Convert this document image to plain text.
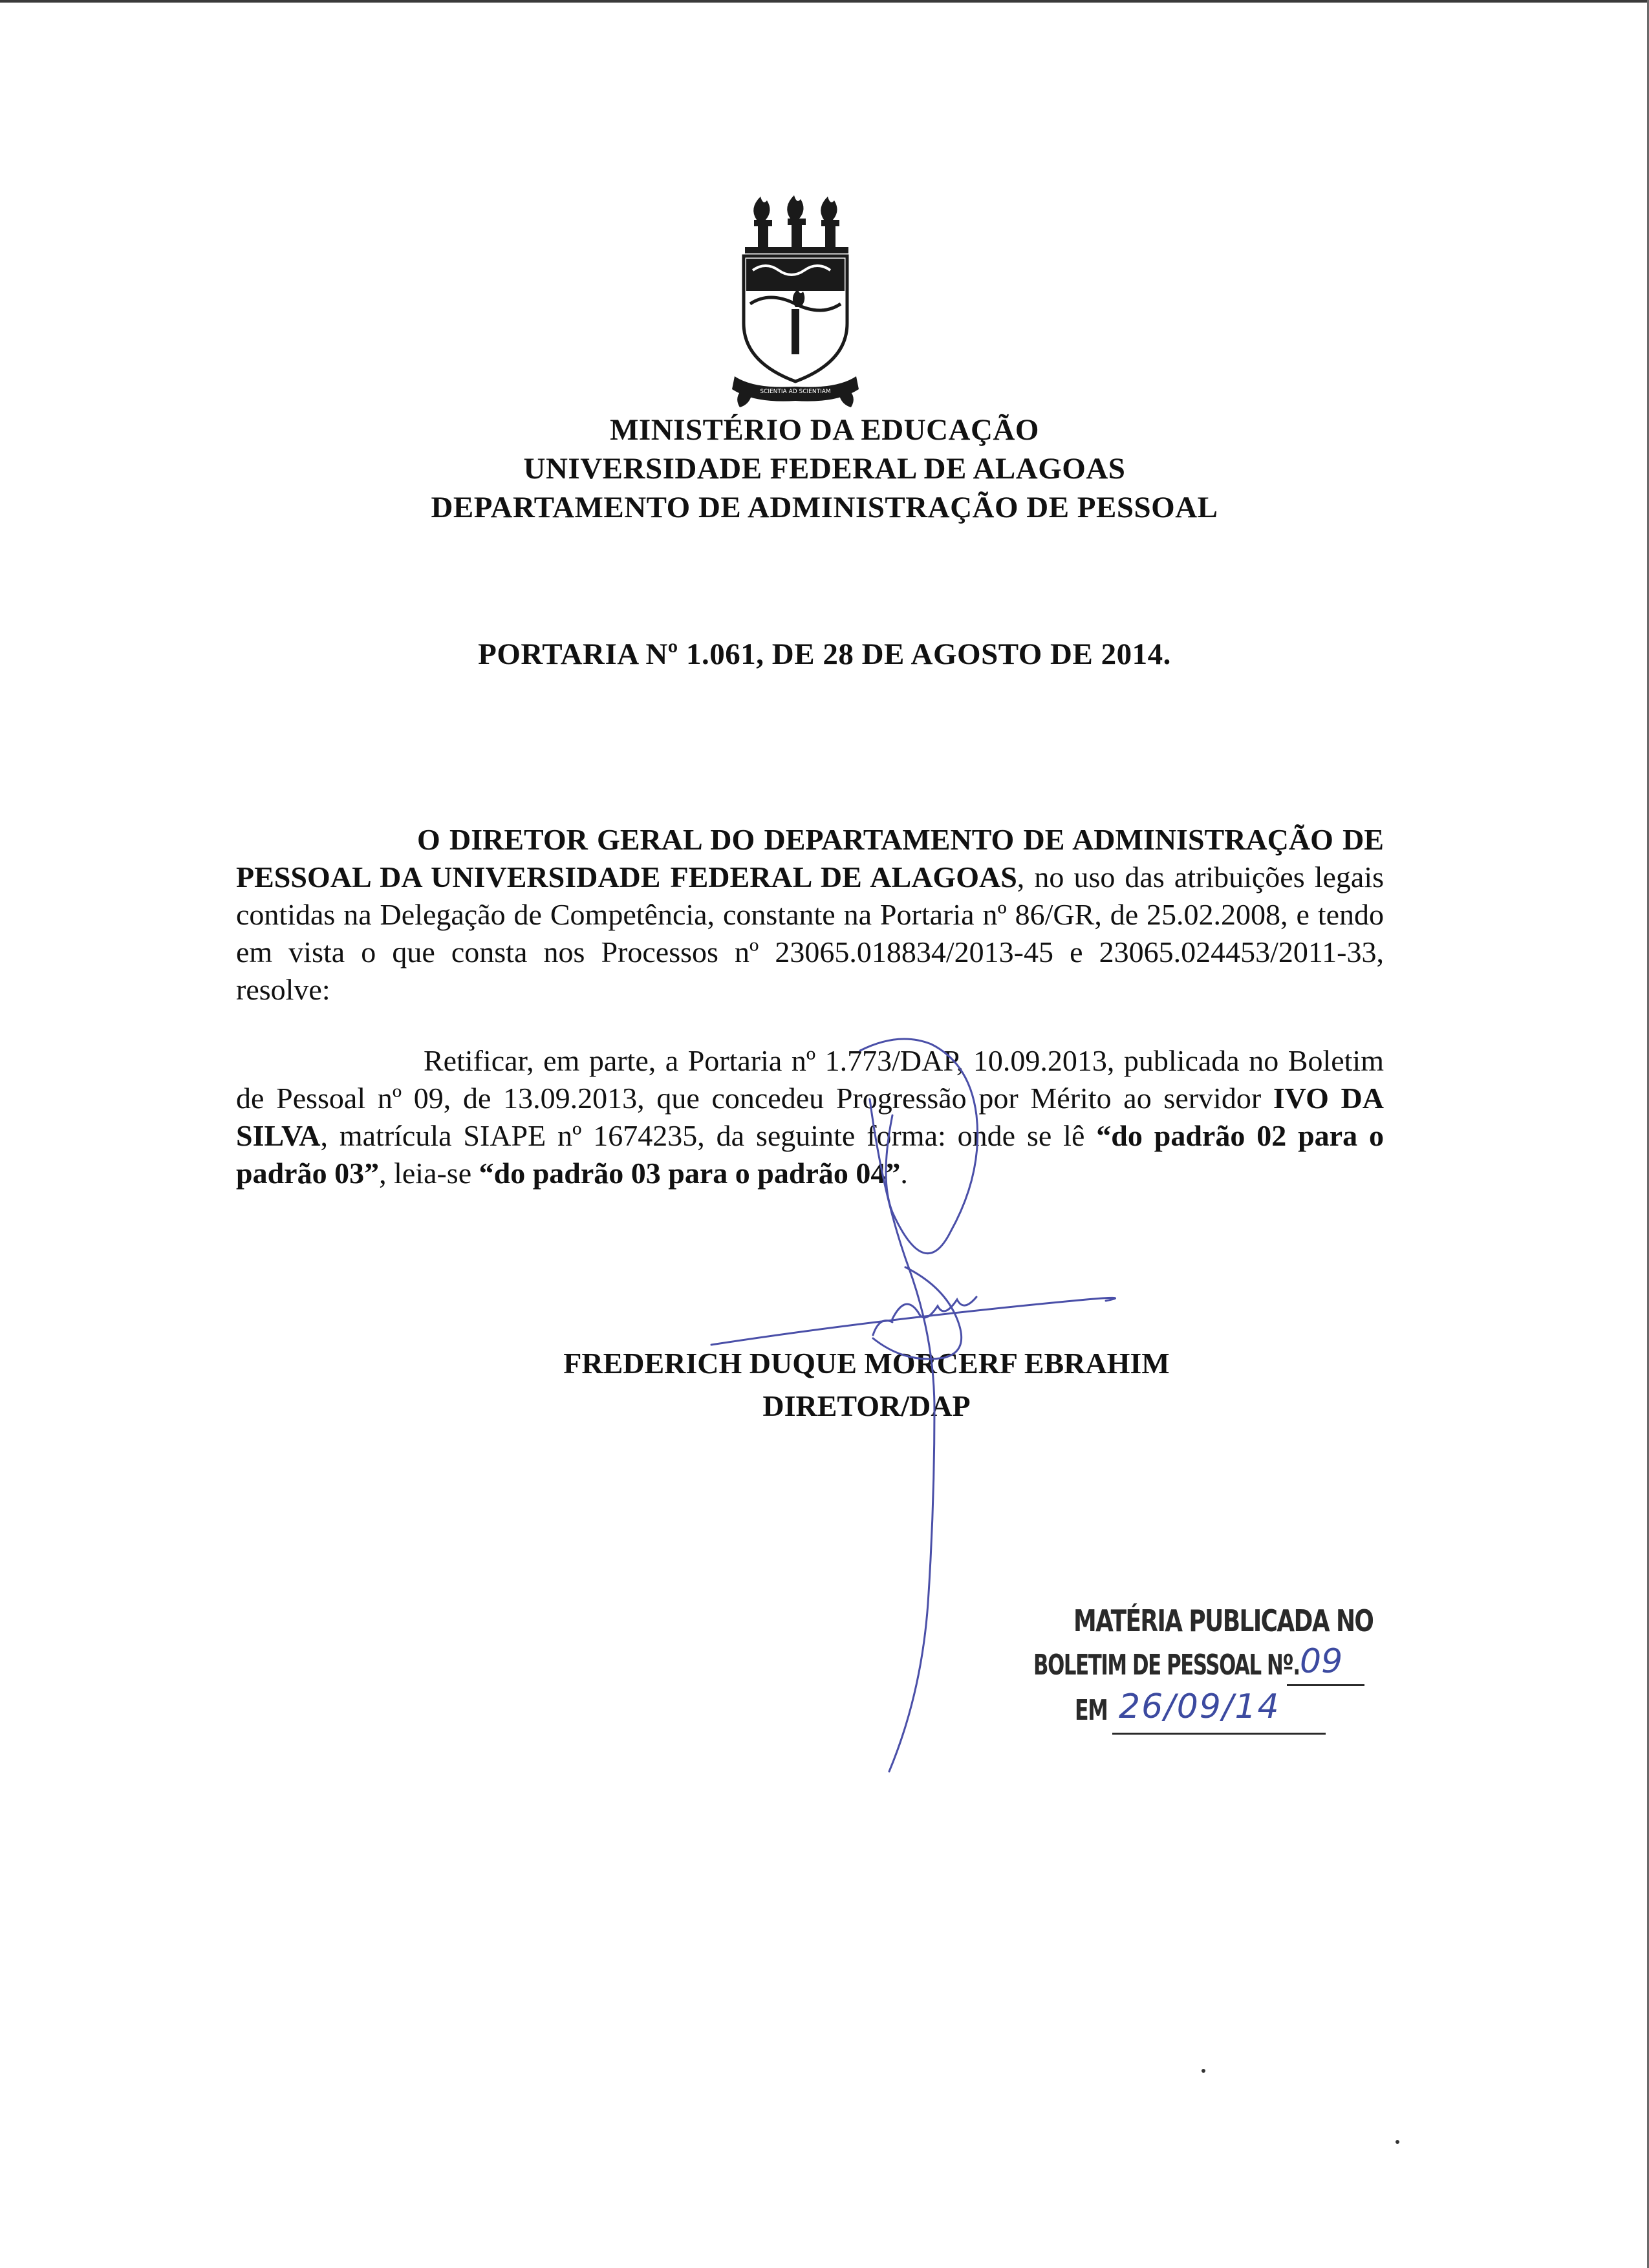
SCIENTIA AD SCIENTIAM
MINISTÉRIO DA EDUCAÇÃO
UNIVERSIDADE FEDERAL DE ALAGOAS
DEPARTAMENTO DE ADMINISTRAÇÃO DE PESSOAL
PORTARIA Nº 1.061, DE 28 DE AGOSTO DE 2014.
O DIRETOR GERAL DO DEPARTAMENTO DE ADMINISTRAÇÃO DE PESSOAL DA UNIVERSIDADE FEDERAL DE ALAGOAS, no uso das atribuições legais contidas na Delegação de Competência, constante na Portaria nº 86/GR, de 25.02.2008, e tendo em vista o que consta nos Processos nº 23065.018834/2013-45 e 23065.024453/2011-33, resolve:
Retificar, em parte, a Portaria nº 1.773/DAP, 10.09.2013, publicada no Boletim de Pessoal nº 09, de 13.09.2013, que concedeu Progressão por Mérito ao servidor IVO DA SILVA, matrícula SIAPE nº 1674235, da seguinte forma: onde se lê “do padrão 02 para o padrão 03”, leia-se “do padrão 03 para o padrão 04”.
FREDERICH DUQUE MORCERF EBRAHIM
DIRETOR/DAP
MATÉRIA PUBLICADA NO
BOLETIM DE PESSOAL Nº. 09
EM 26/09/14
